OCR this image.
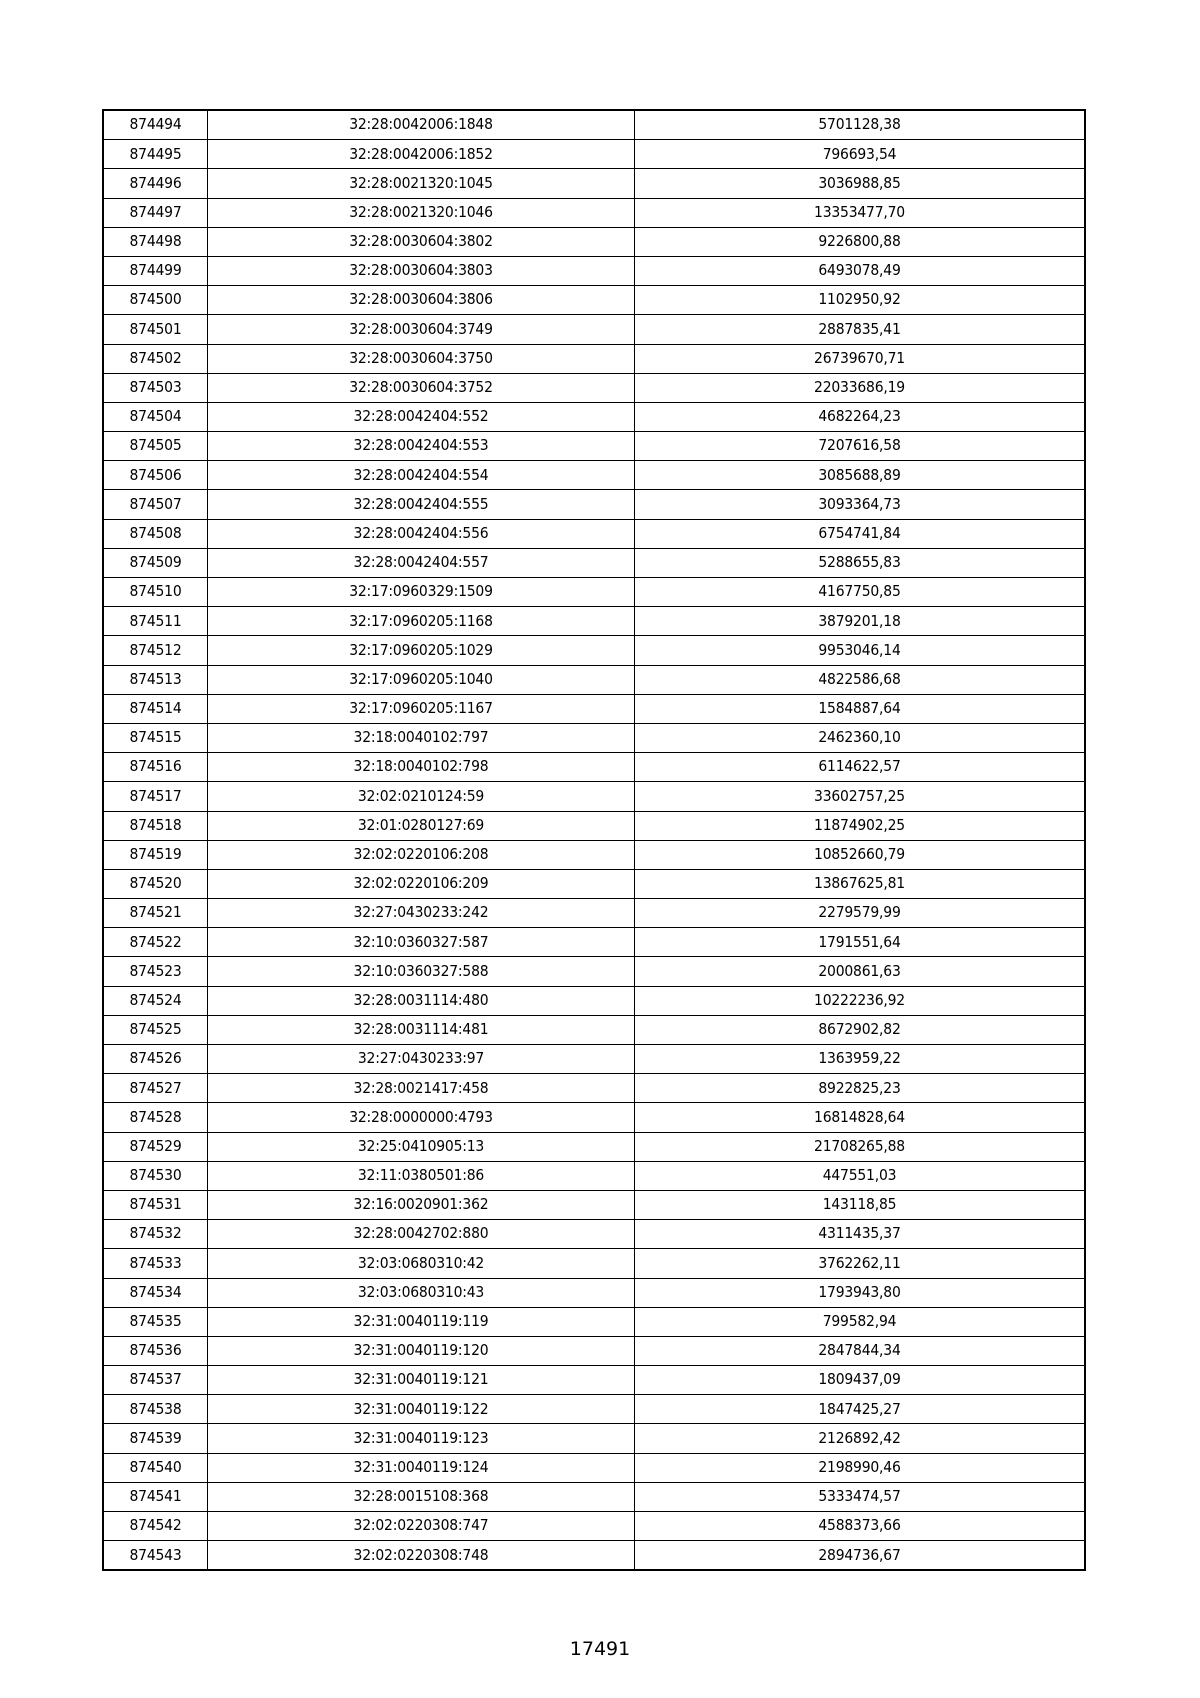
874494	32:28:0042006:1848	5701128,38
874495	32:28:0042006:1852	796693,54
874496	32:28:0021320:1045	3036988,85
874497	32:28:0021320:1046	13353477,70
874498	32:28:0030604:3802	9226800,88
874499	32:28:0030604:3803	6493078,49
874500	32:28:0030604:3806	1102950,92
874501	32:28:0030604:3749	2887835,41
874502	32:28:0030604:3750	26739670,71
874503	32:28:0030604:3752	22033686,19
874504	32:28:0042404:552	4682264,23
874505	32:28:0042404:553	7207616,58
874506	32:28:0042404:554	3085688,89
874507	32:28:0042404:555	3093364,73
874508	32:28:0042404:556	6754741,84
874509	32:28:0042404:557	5288655,83
874510	32:17:0960329:1509	4167750,85
874511	32:17:0960205:1168	3879201,18
874512	32:17:0960205:1029	9953046,14
874513	32:17:0960205:1040	4822586,68
874514	32:17:0960205:1167	1584887,64
874515	32:18:0040102:797	2462360,10
874516	32:18:0040102:798	6114622,57
874517	32:02:0210124:59	33602757,25
874518	32:01:0280127:69	11874902,25
874519	32:02:0220106:208	10852660,79
874520	32:02:0220106:209	13867625,81
874521	32:27:0430233:242	2279579,99
874522	32:10:0360327:587	1791551,64
874523	32:10:0360327:588	2000861,63
874524	32:28:0031114:480	10222236,92
874525	32:28:0031114:481	8672902,82
874526	32:27:0430233:97	1363959,22
874527	32:28:0021417:458	8922825,23
874528	32:28:0000000:4793	16814828,64
874529	32:25:0410905:13	21708265,88
874530	32:11:0380501:86	447551,03
874531	32:16:0020901:362	143118,85
874532	32:28:0042702:880	4311435,37
874533	32:03:0680310:42	3762262,11
874534	32:03:0680310:43	1793943,80
874535	32:31:0040119:119	799582,94
874536	32:31:0040119:120	2847844,34
874537	32:31:0040119:121	1809437,09
874538	32:31:0040119:122	1847425,27
874539	32:31:0040119:123	2126892,42
874540	32:31:0040119:124	2198990,46
874541	32:28:0015108:368	5333474,57
874542	32:02:0220308:747	4588373,66
874543	32:02:0220308:748	2894736,67
17491
